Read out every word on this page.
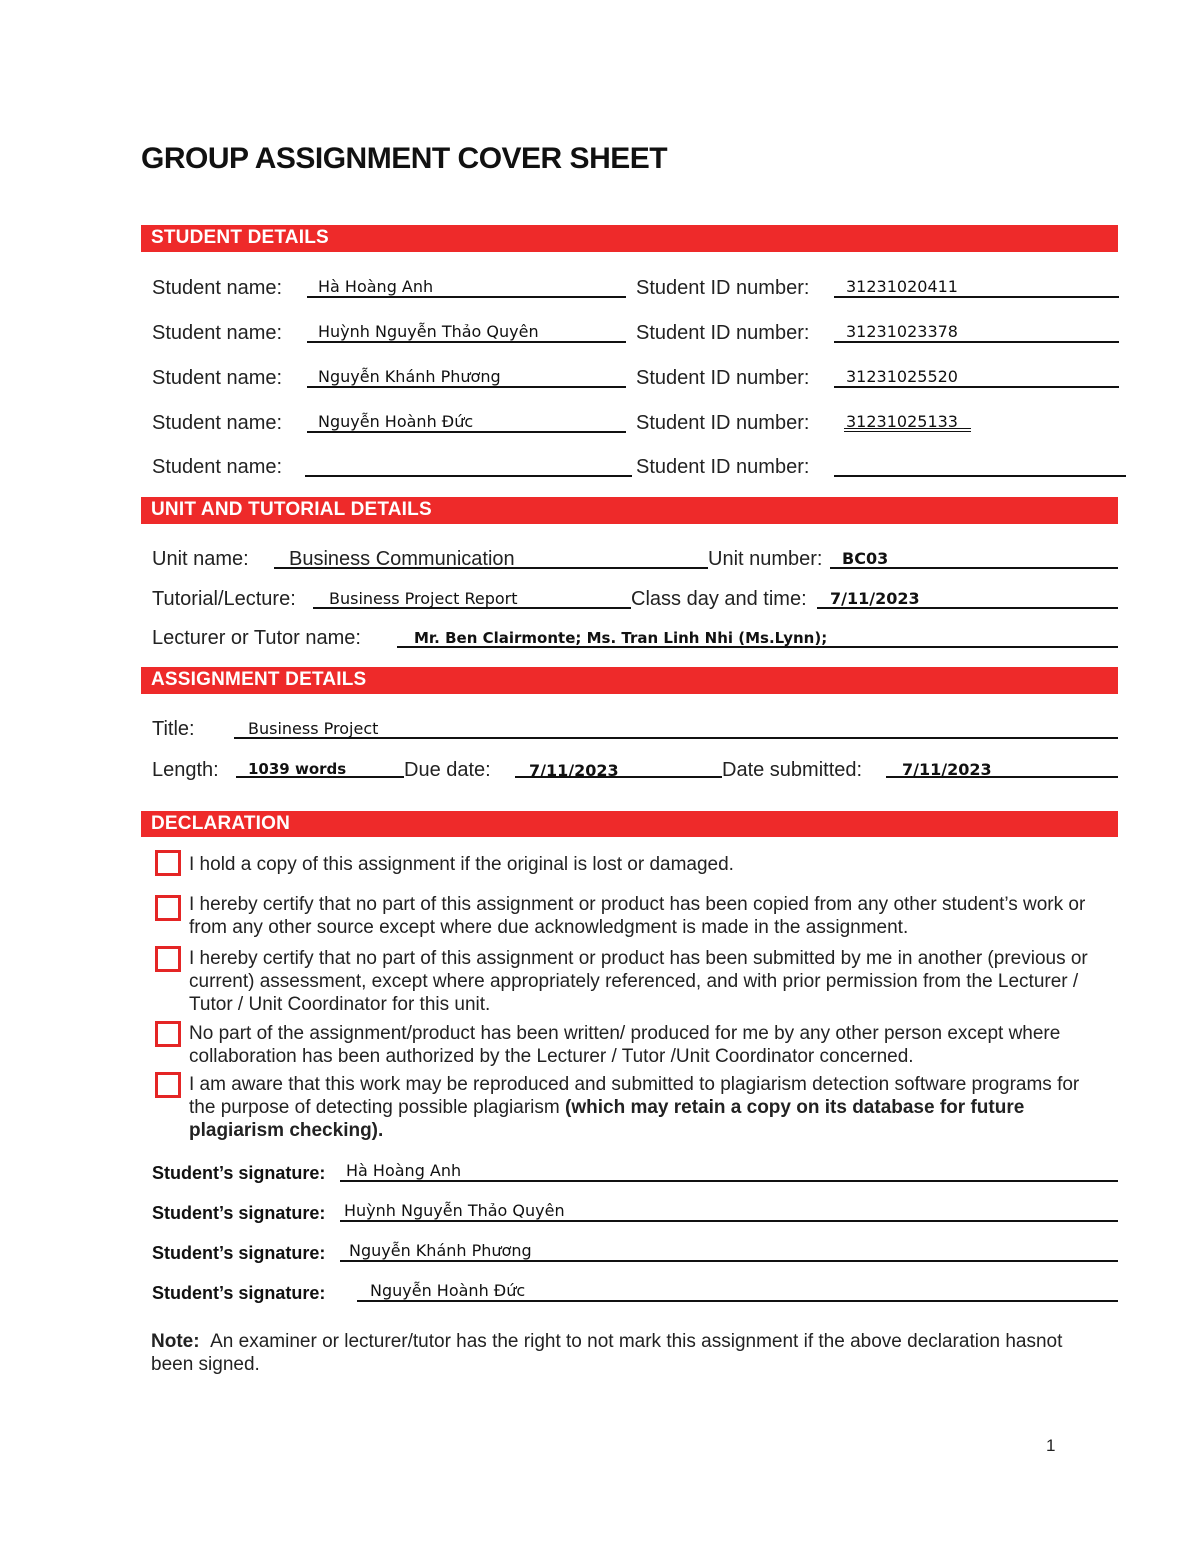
GROUP ASSIGNMENT COVER SHEET
STUDENT DETAILS
Student name: Hà Hoàng Anh	Student ID number: 31231020411
Student name: Huỳnh Nguyễn Thảo Quyên	Student ID number: 31231023378
Student name: Nguyễn Khánh Phương	Student ID number: 31231025520
Student name: Nguyễn Hoành Đức	Student ID number: 31231025133
Student name:	Student ID number:
UNIT AND TUTORIAL DETAILS
Unit name: Business Communication	Unit number: BC03
Tutorial/Lecture: Business Project Report	Class day and time: 7/11/2023
Lecturer or Tutor name:	Mr. Ben Clairmonte; Ms. Tran Linh Nhi (Ms.Lynn);
ASSIGNMENT DETAILS
Title:	Business Project
Length: 1039 words	Due date: 7/11/2023	Date submitted: 7/11/2023
DECLARATION
I hold a copy of this assignment if the original is lost or damaged.
I hereby certify that no part of this assignment or product has been copied from any other student’s work or from any other source except where due acknowledgment is made in the assignment.
I hereby certify that no part of this assignment or product has been submitted by me in another (previous or current) assessment, except where appropriately referenced, and with prior permission from the Lecturer / Tutor / Unit Coordinator for this unit.
No part of the assignment/product has been written/ produced for me by any other person except where collaboration has been authorized by the Lecturer / Tutor /Unit Coordinator concerned.
I am aware that this work may be reproduced and submitted to plagiarism detection software programs for the purpose of detecting possible plagiarism (which may retain a copy on its database for future plagiarism checking).
Student’s signature: Hà Hoàng Anh
Student’s signature: Huỳnh Nguyễn Thảo Quyên
Student’s signature: Nguyễn Khánh Phương
Student’s signature:	Nguyễn Hoành Đức
Note: An examiner or lecturer/tutor has the right to not mark this assignment if the above declaration hasnot been signed.
1
